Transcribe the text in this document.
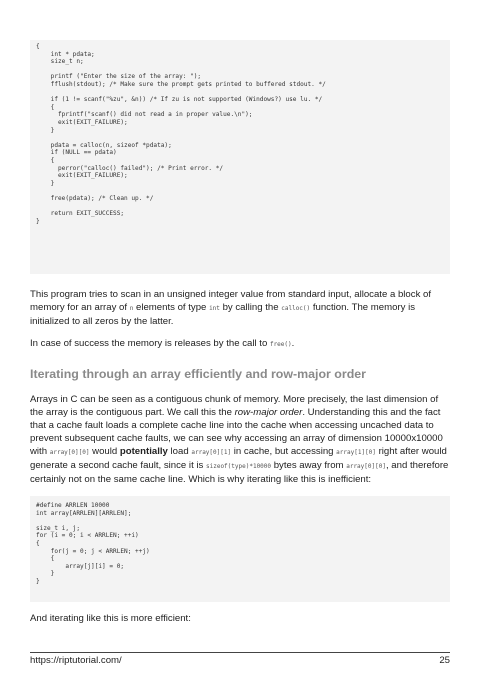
{
int * pdata;
size_t n;
printf ("Enter the size of the array: ");
fflush(stdout); /* Make sure the prompt gets printed to buffered stdout. */
if (1 != scanf("%zu", &n)) /* If zu is not supported (Windows?) use lu. */
{
fprintf("scanf() did not read a in proper value.\n");
exit(EXIT_FAILURE);
}
pdata = calloc(n, sizeof *pdata);
if (NULL == pdata)
{
perror("calloc() failed"); /* Print error. */
exit(EXIT_FAILURE);
}
free(pdata); /* Clean up. */
return EXIT_SUCCESS;
}

This program tries to scan in an unsigned integer value from standard input, allocate a block of memory for an array of n elements of type int by calling the calloc() function. The memory is initialized to all zeros by the latter.

In case of success the memory is releases by the call to free().

Iterating through an array efficiently and row-major order

Arrays in C can be seen as a contiguous chunk of memory. More precisely, the last dimension of the array is the contiguous part. We call this the row-major order. Understanding this and the fact that a cache fault loads a complete cache line into the cache when accessing uncached data to prevent subsequent cache faults, we can see why accessing an array of dimension 10000x10000 with array[0][0] would potentially load array[0][1] in cache, but accessing array[1][0] right after would generate a second cache fault, since it is sizeof(type)*10000 bytes away from array[0][0], and therefore certainly not on the same cache line. Which is why iterating like this is inefficient:

#define ARRLEN 10000
int array[ARRLEN][ARRLEN];
size_t i, j;
for (i = 0; i < ARRLEN; ++i)
{
for(j = 0; j < ARRLEN; ++j)
{
array[j][i] = 0;
}
}

And iterating like this is more efficient:

https://riptutorial.com/	25
